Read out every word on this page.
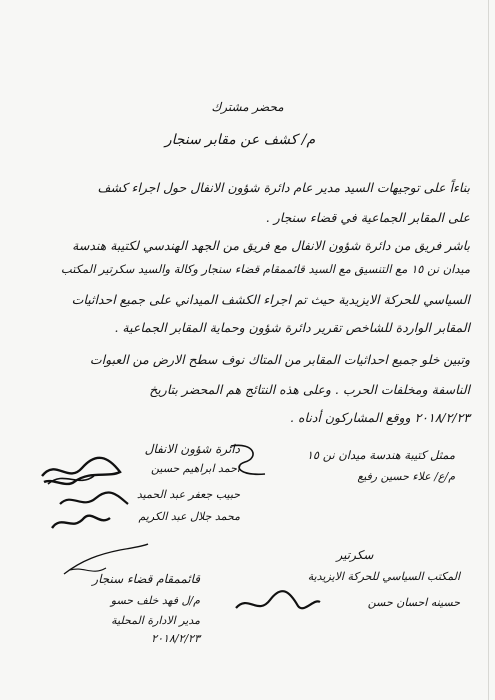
محضر مشترك
م/ كشف عن مقابر سنجار
بناءاً على توجيهات السيد مدير عام دائرة شؤون الانفال حول اجراء كشف
على المقابر الجماعية في قضاء سنجار .
باشر فريق من دائرة شؤون الانفال مع فريق من الجهد الهندسي لكتيبة هندسة
ميدان نن ١٥ مع التنسيق مع السيد قائممقام قضاء سنجار وكالة والسيد سكرتير المكتب
السياسي للحركة الايزيدية حيث تم اجراء الكشف الميداني على جميع احداثيات
المقابر الواردة للشاخص تقرير دائرة شؤون وحماية المقابر الجماعية .
وتبين خلو جميع احداثيات المقابر من المتاك نوف سطح الارض من العبوات
الناسفة ومخلفات الحرب . وعلى هذه النتائج هم المحضر بتاريخ
٢٠١٨/٢/٢٣ ووقع المشاركون أدناه .
دائرة شؤون الانفال
احمد ابراهيم حسين
حبيب جعفر عبد الحميد
محمد جلال عبد الكريم
ممثل كتيبة هندسة ميدان نن ١٥
م/ع/ علاء حسين رفيع
قائممقام قضاء سنجار
م/ل فهد خلف حسو
مدير الادارة المحلية
٢٠١٨/٢/٢٣
سكرتير
المكتب السياسي للحركة الايزيدية
حسينه احسان حسن
